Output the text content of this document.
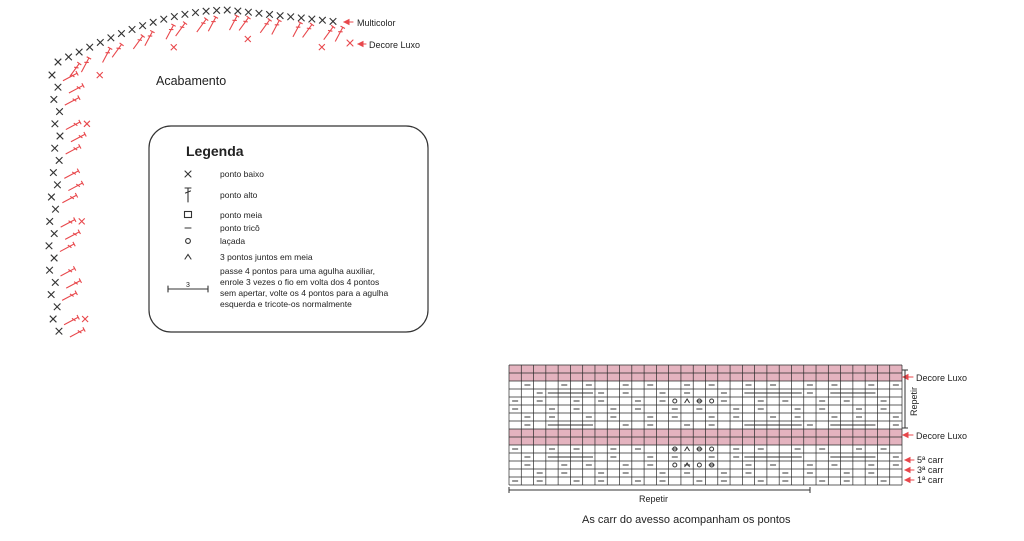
Acabamento
Multicolor
Decore Luxo
Legenda
ponto baixo
ponto alto
ponto meia
ponto tricô
laçada
3 pontos juntos em meia
3
passe 4 pontos para uma agulha auxiliar,
enrole 3 vezes o fio em volta dos 4 pontos
sem apertar, volte os 4 pontos para a agulha
esquerda e tricote-os normalmente
Decore Luxo
Decore Luxo
Repetir
5ª carr
3ª carr
1ª carr
Repetir
As carr do avesso acompanham os pontos
